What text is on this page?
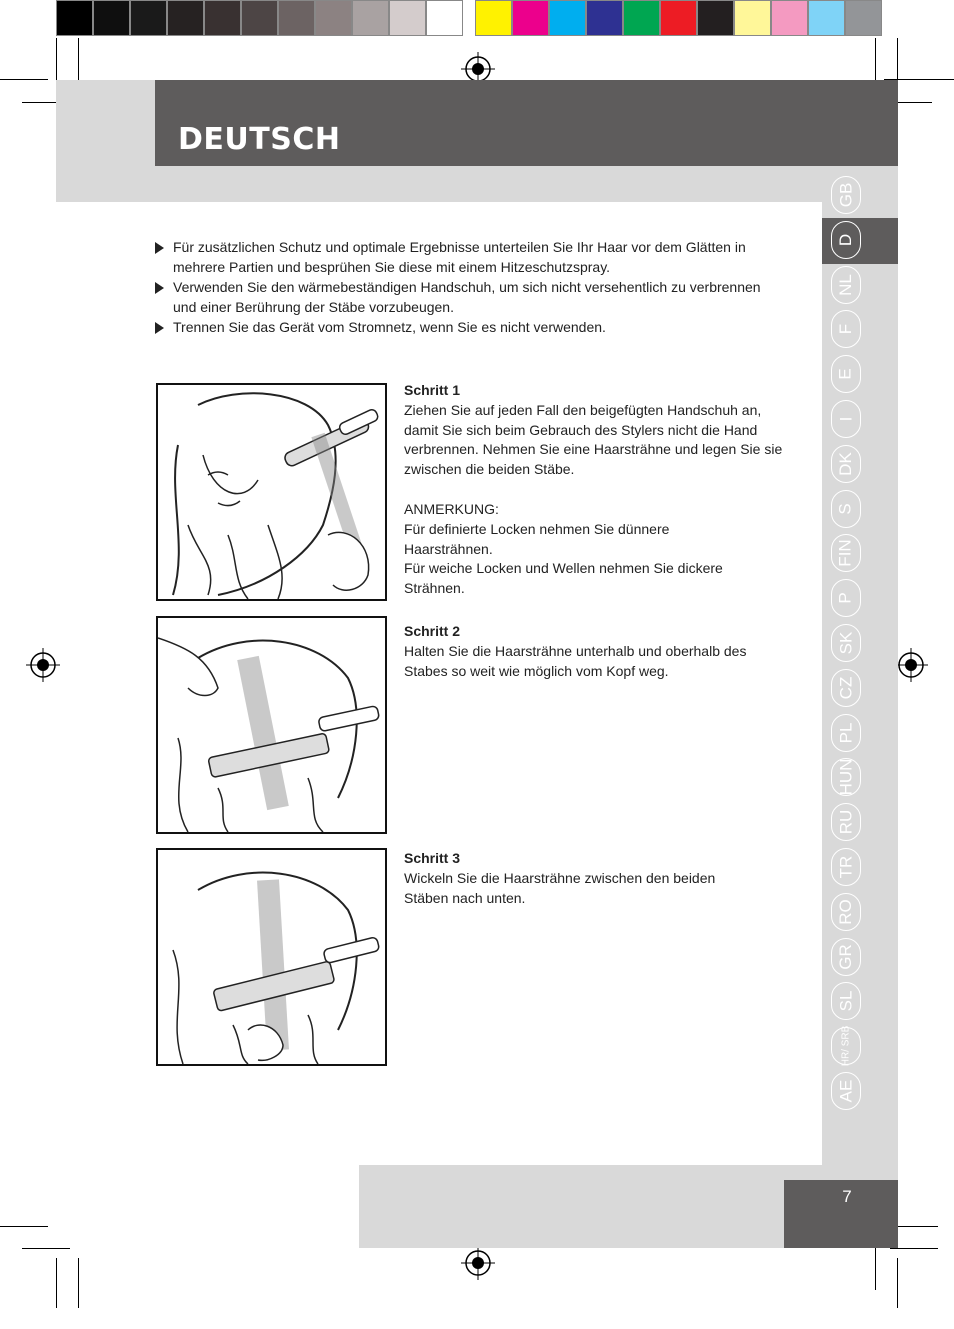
DEUTSCH
GB
D
NL
F
E
I
DK
S
FIN
P
SK
CZ
PL
HUN
RU
TR
RO
GR
SL
HR/ SRB
AE
Für zusätzlichen Schutz und optimale Ergebnisse unterteilen Sie Ihr Haar vor dem Glätten in mehrere Partien und besprühen Sie diese mit einem Hitzeschutzspray.
Verwenden Sie den wärmebeständigen Handschuh, um sich nicht versehentlich zu verbrennen und einer Berührung der Stäbe vorzubeugen.
Trennen Sie das Gerät vom Stromnetz, wenn Sie es nicht verwenden.

Schritt 1

Ziehen Sie auf jeden Fall den beigefügten Handschuh an, damit Sie sich beim Gebrauch des Stylers nicht die Hand verbrennen. Nehmen Sie eine Haarsträhne und legen Sie sie zwischen die beiden Stäbe.

ANMERKUNG:

Für definierte Locken nehmen Sie dünnere Haarsträhnen.

Für weiche Locken und Wellen nehmen Sie dickere Strähnen.

Schritt 2

Halten Sie die Haarsträhne unterhalb und oberhalb des Stabes so weit wie möglich vom Kopf weg.

Schritt 3

Wickeln Sie die Haarsträhne zwischen den beiden Stäben nach unten.

7
